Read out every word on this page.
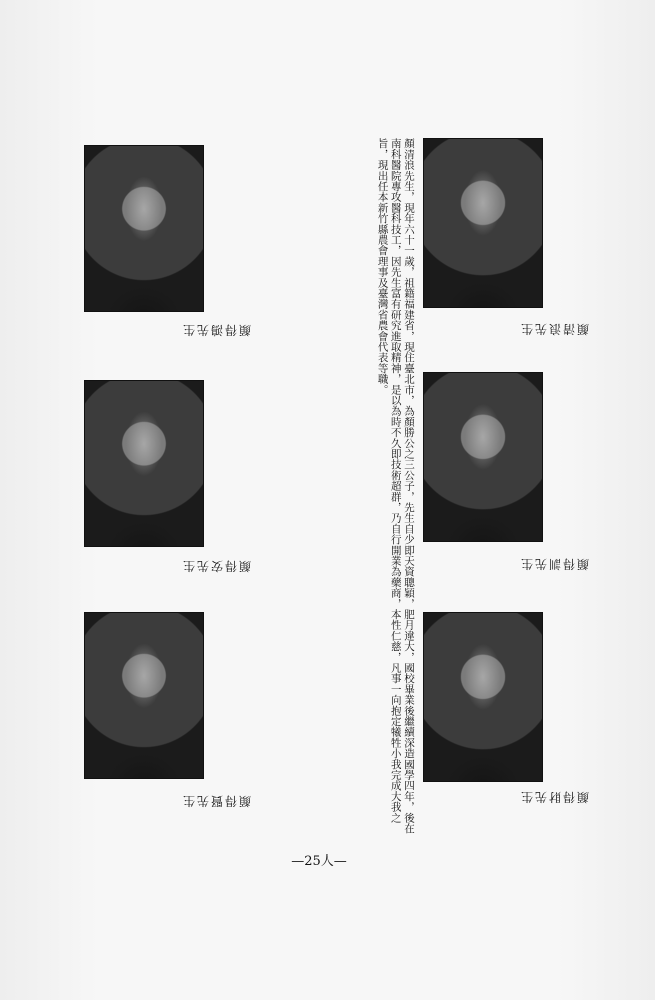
顏得鴻先生
顏得安先生
顏得賢先生
顏清浪先生
顏得訓先生
顏得財先生
顏清浪先生，現年六十一歲，祖籍福建省，現住臺北市，為顏勝公之三公子，先生自少即天資聰穎，肥月違大，國校畢業後繼續深造國學四年，後在南科醫院專攻醫科技工，因先生富有研究進取精神，是以為時不久即技術超群，乃自行開業為藥商，本性仁慈，凡事一向抱定犧牲小我完成大我之旨，現出任本新竹縣農會理事及臺灣省農會代表等職。
—25人—
